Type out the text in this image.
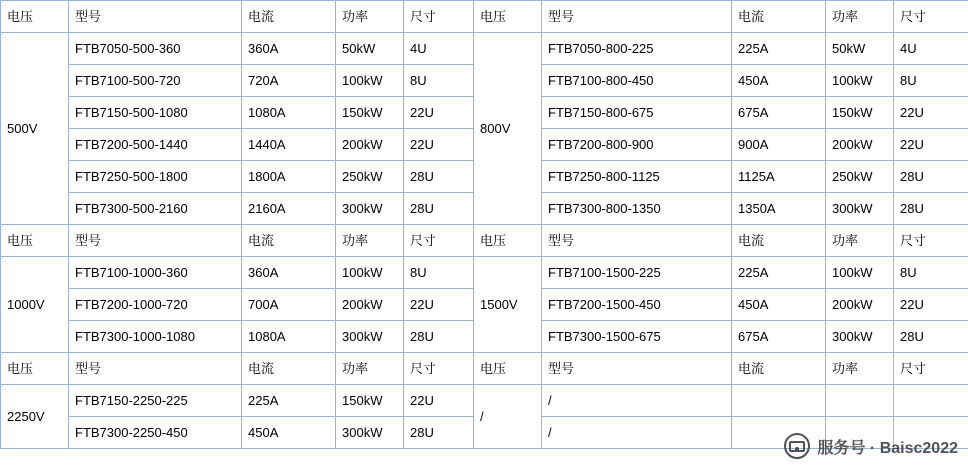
电压	型号	电流	功率	尺寸	电压	型号	电流	功率	尺寸
500V	FTB7050-500-360	360A	50kW	4U	800V	FTB7050-800-225	225A	50kW	4U
	FTB7100-500-720	720A	100kW	8U		FTB7100-800-450	450A	100kW	8U
	FTB7150-500-1080	1080A	150kW	22U		FTB7150-800-675	675A	150kW	22U
	FTB7200-500-1440	1440A	200kW	22U		FTB7200-800-900	900A	200kW	22U
	FTB7250-500-1800	1800A	250kW	28U		FTB7250-800-1125	1125A	250kW	28U
	FTB7300-500-2160	2160A	300kW	28U		FTB7300-800-1350	1350A	300kW	28U
电压	型号	电流	功率	尺寸	电压	型号	电流	功率	尺寸
1000V	FTB7100-1000-360	360A	100kW	8U	1500V	FTB7100-1500-225	225A	100kW	8U
	FTB7200-1000-720	700A	200kW	22U		FTB7200-1500-450	450A	200kW	22U
	FTB7300-1000-1080	1080A	300kW	28U		FTB7300-1500-675	675A	300kW	28U
电压	型号	电流	功率	尺寸	电压	型号	电流	功率	尺寸
2250V	FTB7150-2250-225	225A	150kW	22U	/	/			
	FTB7300-2250-450	450A	300kW	28U		/			
服务号 · Baisc2022
